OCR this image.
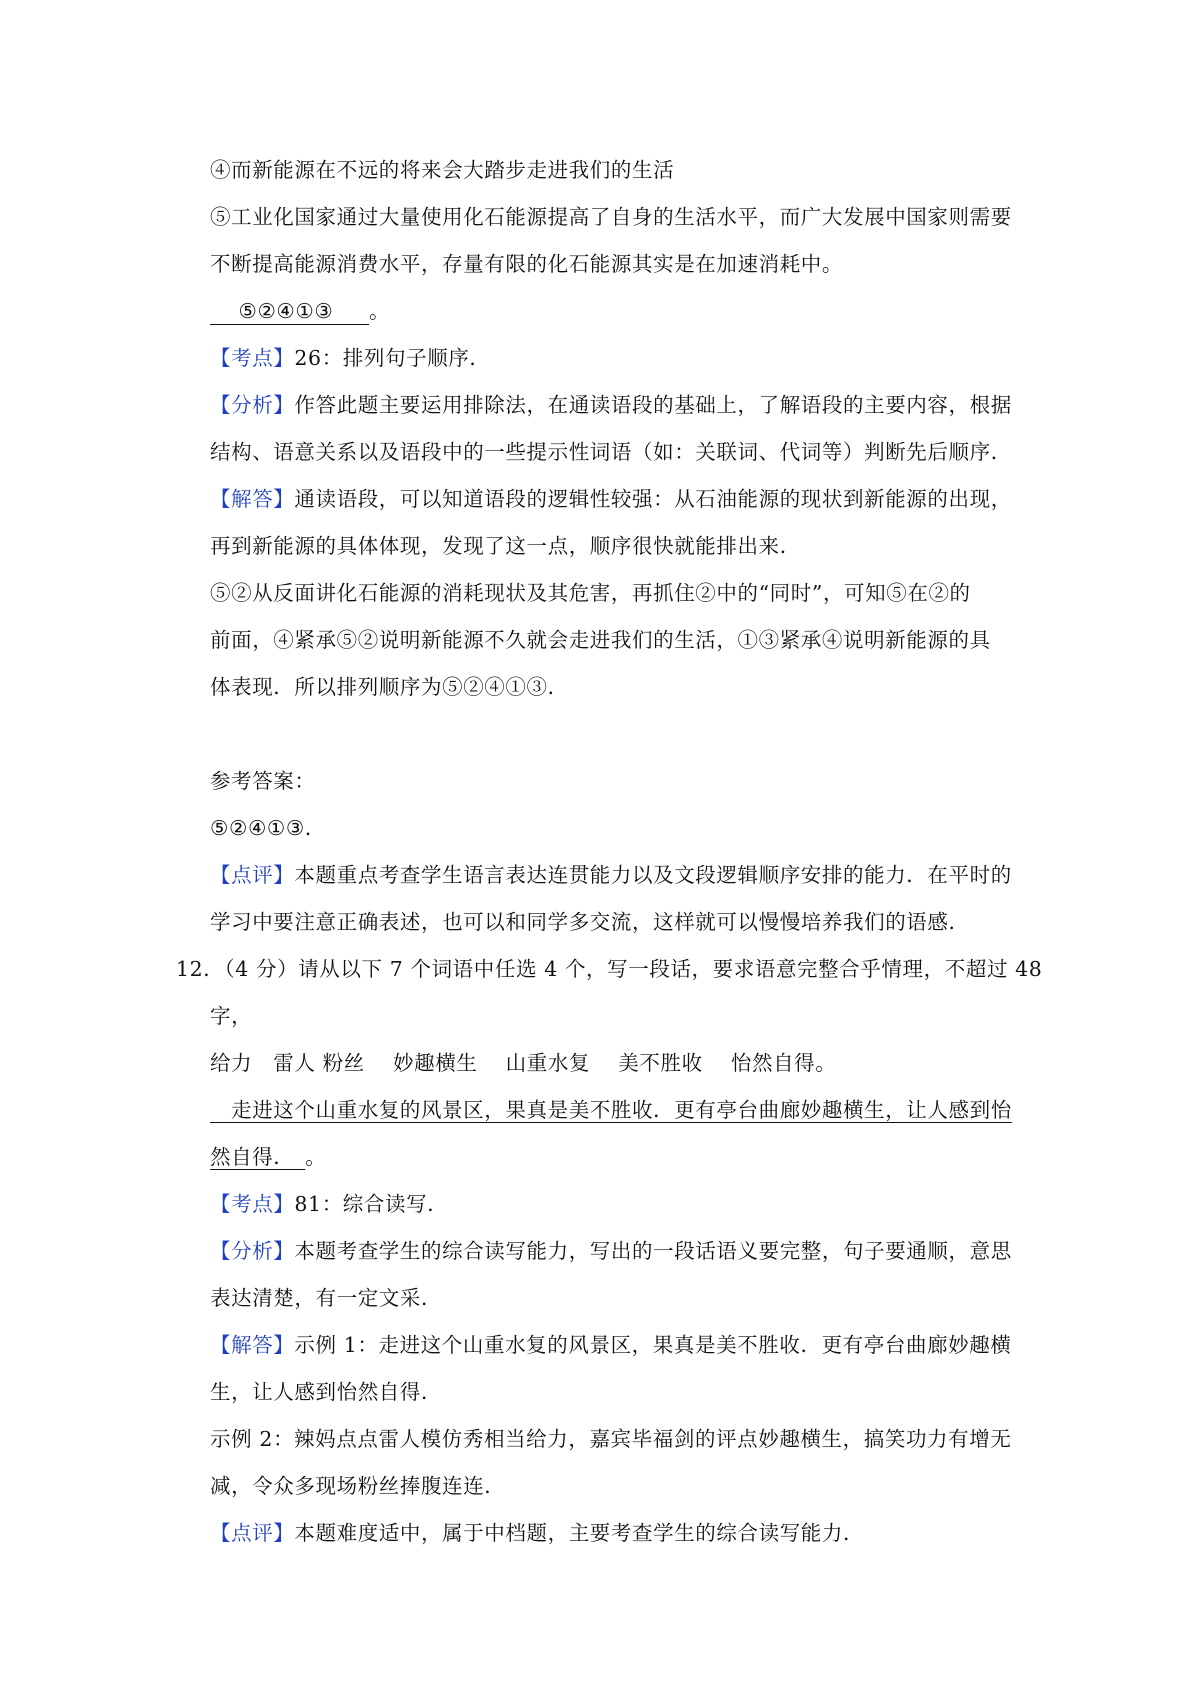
④而新能源在不远的将来会大踏步走进我们的生活
⑤工业化国家通过大量使用化石能源提高了自身的生活水平，而广大发展中国家则需要
不断提高能源消费水平，存量有限的化石能源其实是在加速消耗中。
⑤②④①③ 。
【考点】26：排列句子顺序．
【分析】作答此题主要运用排除法，在通读语段的基础上，了解语段的主要内容，根据
结构、语意关系以及语段中的一些提示性词语（如：关联词、代词等）判断先后顺序．
【解答】通读语段，可以知道语段的逻辑性较强：从石油能源的现状到新能源的出现，
再到新能源的具体体现，发现了这一点，顺序很快就能排出来．
⑤②从反面讲化石能源的消耗现状及其危害，再抓住②中的“同时”，可知⑤在②的
前面，④紧承⑤②说明新能源不久就会走进我们的生活，①③紧承④说明新能源的具
体表现．所以排列顺序为⑤②④①③．
参考答案：
⑤②④①③．
【点评】本题重点考查学生语言表达连贯能力以及文段逻辑顺序安排的能力．在平时的
学习中要注意正确表述，也可以和同学多交流，这样就可以慢慢培养我们的语感．
12．（4 分）请从以下 7 个词语中任选 4 个，写一段话，要求语意完整合乎情理，不超过 48
字，
给力　雷人 粉丝　 妙趣横生　 山重水复　 美不胜收　 怡然自得。
　走进这个山重水复的风景区，果真是美不胜收．更有亭台曲廊妙趣横生，让人感到怡
然自得．　。
【考点】81：综合读写．
【分析】本题考查学生的综合读写能力，写出的一段话语义要完整，句子要通顺，意思
表达清楚，有一定文采．
【解答】示例 1：走进这个山重水复的风景区，果真是美不胜收．更有亭台曲廊妙趣横
生，让人感到怡然自得．
示例 2：辣妈点点雷人模仿秀相当给力，嘉宾毕福剑的评点妙趣横生，搞笑功力有增无
减，令众多现场粉丝捧腹连连．
【点评】本题难度适中，属于中档题，主要考查学生的综合读写能力．
